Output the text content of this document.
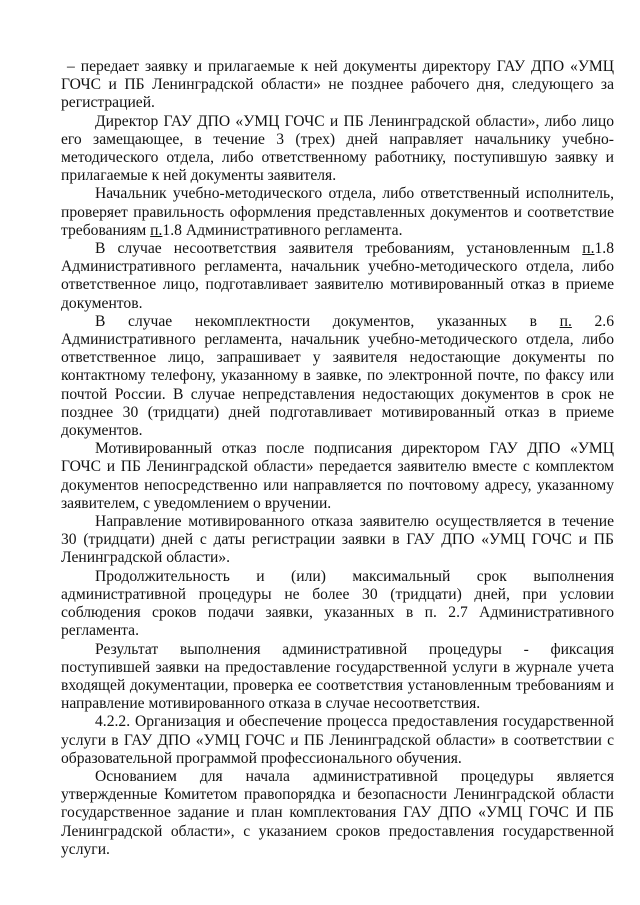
– передает заявку и прилагаемые к ней документы директору ГАУ ДПО «УМЦ ГОЧС и ПБ Ленинградской области» не позднее рабочего дня, следующего за регистрацией.

Директор ГАУ ДПО «УМЦ ГОЧС и ПБ Ленинградской области», либо лицо его замещающее, в течение 3 (трех) дней направляет начальнику учебно-методического отдела, либо ответственному работнику, поступившую заявку и прилагаемые к ней документы заявителя.

Начальник учебно-методического отдела, либо ответственный исполнитель, проверяет правильность оформления представленных документов и соответствие требованиям п.1.8 Административного регламента.

В случае несоответствия заявителя требованиям, установленным п.1.8 Административного регламента, начальник учебно-методического отдела, либо ответственное лицо, подготавливает заявителю мотивированный отказ в приеме документов.

В случае некомплектности документов, указанных в п. 2.6 Административного регламента, начальник учебно-методического отдела, либо ответственное лицо, запрашивает у заявителя недостающие документы по контактному телефону, указанному в заявке, по электронной почте, по факсу или почтой России. В случае непредставления недостающих документов в срок не позднее 30 (тридцати) дней подготавливает мотивированный отказ в приеме документов.

Мотивированный отказ после подписания директором ГАУ ДПО «УМЦ ГОЧС и ПБ Ленинградской области» передается заявителю вместе с комплектом документов непосредственно или направляется по почтовому адресу, указанному заявителем, с уведомлением о вручении.

Направление мотивированного отказа заявителю осуществляется в течение 30 (тридцати) дней с даты регистрации заявки в ГАУ ДПО «УМЦ ГОЧС и ПБ Ленинградской области».

Продолжительность и (или) максимальный срок выполнения административной процедуры не более 30 (тридцати) дней, при условии соблюдения сроков подачи заявки, указанных в п. 2.7 Административного регламента.

Результат выполнения административной процедуры - фиксация поступившей заявки на предоставление государственной услуги в журнале учета входящей документации, проверка ее соответствия установленным требованиям и направление мотивированного отказа в случае несоответствия.

4.2.2. Организация и обеспечение процесса предоставления государственной услуги в ГАУ ДПО «УМЦ ГОЧС и ПБ Ленинградской области» в соответствии с образовательной программой профессионального обучения.

Основанием для начала административной процедуры является утвержденные Комитетом правопорядка и безопасности Ленинградской области государственное задание и план комплектования ГАУ ДПО «УМЦ ГОЧС И ПБ Ленинградской области», с указанием сроков предоставления государственной услуги.
